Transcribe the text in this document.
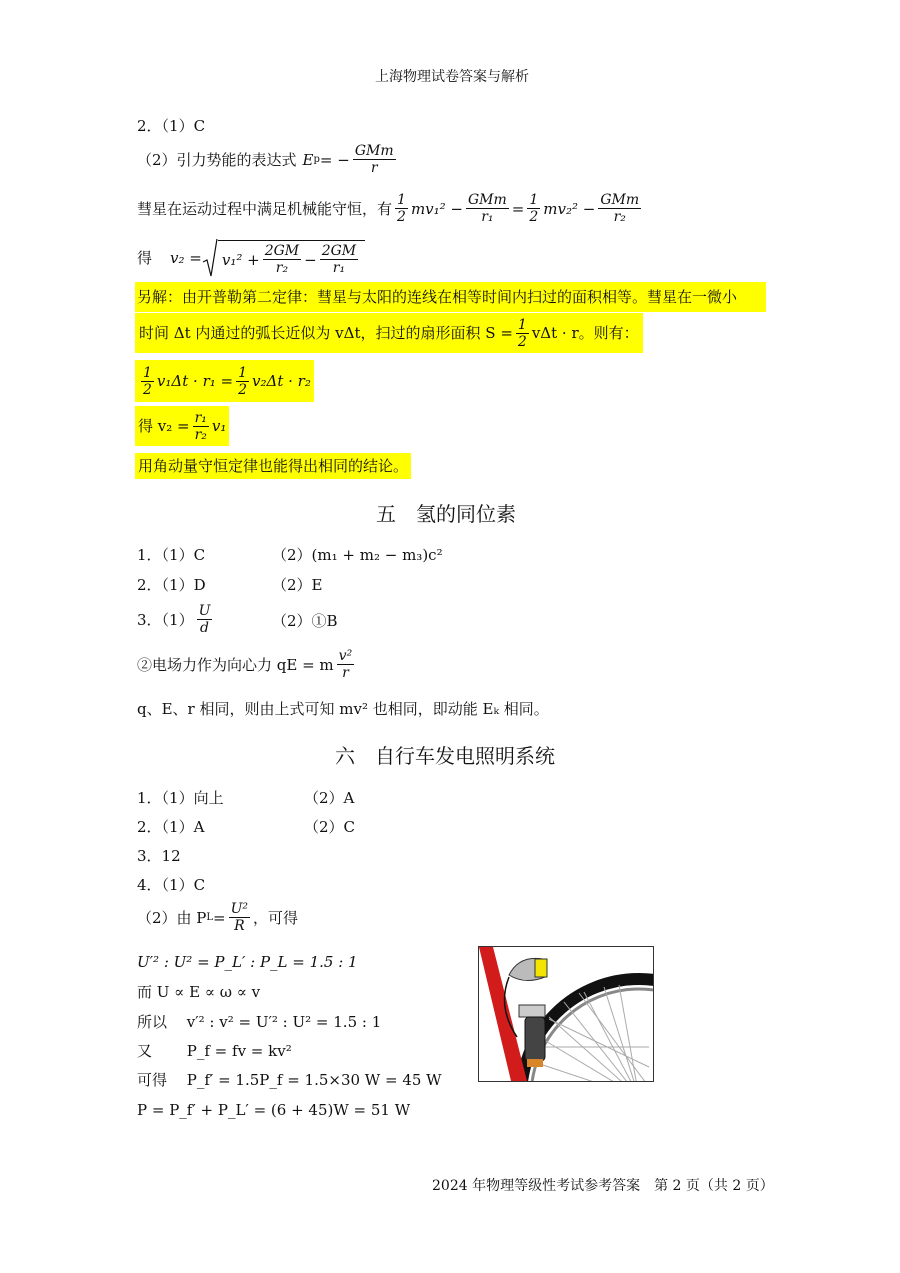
上海物理试卷答案与解析
2．（1）C
（2）引力势能的表达式 E p = − $\frac{\text{GMm}}{r}$
彗星在运动过程中满足机械能守恒，有 $\frac{1}{2} mv_1^2 - \frac{\text{GMm}}{\text{r₁}} = \frac{1}{2} mv_2^2 - \frac{\text{GMm}}{\text{r₂}}$
得 $v_2 = v_1^2 + \frac{2GM}{\text{r₂}} - \frac{2GM}{\text{r₁}}$
另解：由开普勒第二定律：彗星与太阳的连线在相等时间内扫过的面积相等。彗星在一微小
时间 Δt 内通过的弧长近似为 vΔt，扫过的扇形面积 $S = \frac{1}{2}$ vΔt · r。则有：
$\frac{1}{2} v_1\Delta t \cdot r_1 = \frac{1}{2} v_2\Delta t \cdot r_2$
得 $v_2 = \frac{\text{r₁}}{\text{r₂}} v_1$
用角动量守恒定律也能得出相同的结论。
五　氢的同位素
1．（1）C	（2）(m₁ + m₂ − m₃)c²
2．（1）D	（2）E
3．$(1) \frac{U}{d}$	（2）①B
②电场力作为向心力 qE = m $\frac{\text{v²}}{r}$
q、E、r 相同，则由上式可知 mv² 也相同，即动能 Eₖ 相同。
六　自行车发电照明系统
1．（1）向上	（2）A
2．（1）A	（2）C
3．12
4．（1）C
（2）由 P $L = \frac{\text{U²}}{R}$ ，可得
U′² : U² = P_L′ : P_L = 1.5 : 1
而 U ∝ E ∝ ω ∝ v
所以　 v′² : v² = U′² : U² = 1.5 : 1
又　　 P_f = fv = kv²
可得　 P_f′ = 1.5P_f = 1.5×30 W = 45 W
P = P_f′ + P_L′ = (6 + 45)W = 51 W
2024 年物理等级性考试参考答案　第 2 页（共 2 页）
